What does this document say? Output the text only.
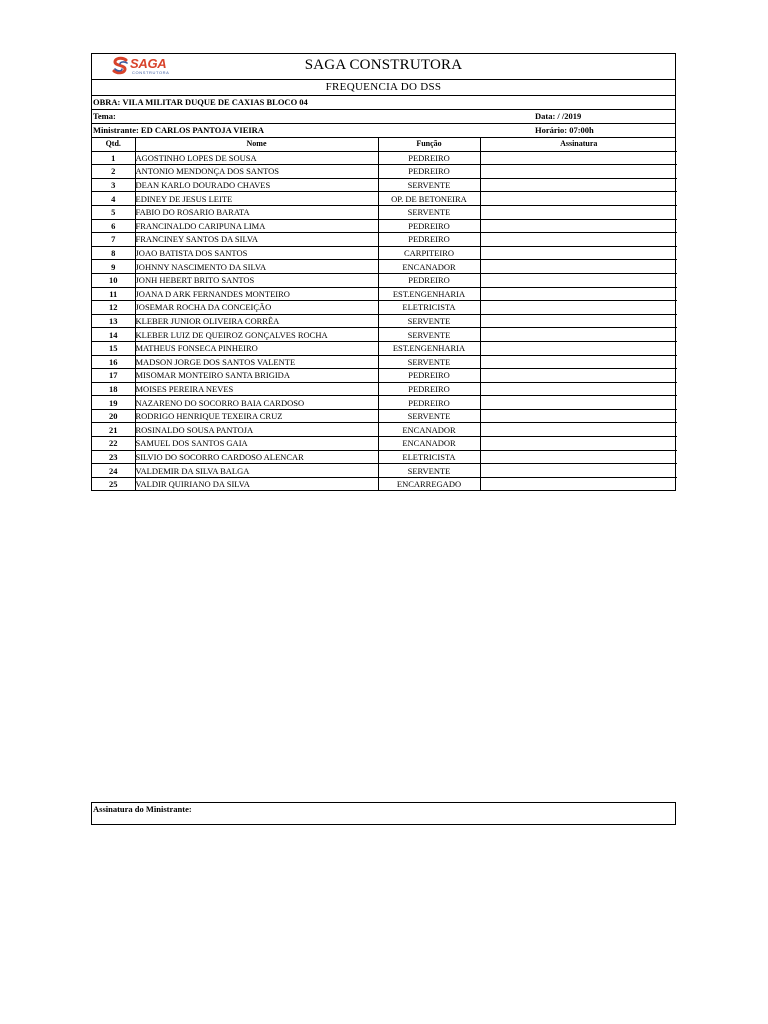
SAGA
CONSTRUTORA	SAGA CONSTRUTORA
FREQUENCIA DO DSS
OBRA: VILA MILITAR DUQUE DE CAXIAS BLOCO 04
Tema:	Data: / /2019
Ministrante: ED CARLOS PANTOJA VIEIRA	Horário: 07:00h
Qtd.	Nome	Função	Assinatura
1	AGOSTINHO LOPES DE SOUSA	PEDREIRO	
2	ANTONIO MENDONÇA DOS SANTOS	PEDREIRO	
3	DEAN KARLO DOURADO CHAVES	SERVENTE	
4	EDINEY DE JESUS LEITE	OP. DE BETONEIRA	
5	FABIO DO ROSARIO BARATA	SERVENTE	
6	FRANCINALDO CARIPUNA LIMA	PEDREIRO	
7	FRANCINEY SANTOS DA SILVA	PEDREIRO	
8	JOAO BATISTA DOS SANTOS	CARPITEIRO	
9	JOHNNY NASCIMENTO DA SILVA	ENCANADOR	
10	JONH HEBERT BRITO SANTOS	PEDREIRO	
11	JOANA D ARK FERNANDES MONTEIRO	EST.ENGENHARIA	
12	JOSEMAR ROCHA DA CONCEIÇÃO	ELETRICISTA	
13	KLEBER JUNIOR OLIVEIRA CORRÊA	SERVENTE	
14	KLEBER LUIZ DE QUEIROZ GONÇALVES ROCHA	SERVENTE	
15	MATHEUS FONSECA PINHEIRO	EST.ENGENHARIA	
16	MADSON JORGE DOS SANTOS VALENTE	SERVENTE	
17	MISOMAR MONTEIRO SANTA BRIGIDA	PEDREIRO	
18	MOISES PEREIRA NEVES	PEDREIRO	
19	NAZARENO DO SOCORRO BAIA CARDOSO	PEDREIRO	
20	RODRIGO HENRIQUE TEXEIRA CRUZ	SERVENTE	
21	ROSINALDO SOUSA PANTOJA	ENCANADOR	
22	SAMUEL DOS SANTOS GAIA	ENCANADOR	
23	SILVIO DO SOCORRO CARDOSO ALENCAR	ELETRICISTA	
24	VALDEMIR DA SILVA BALGA	SERVENTE	
25	VALDIR QUIRIANO DA SILVA	ENCARREGADO	
Assinatura do Ministrante:
